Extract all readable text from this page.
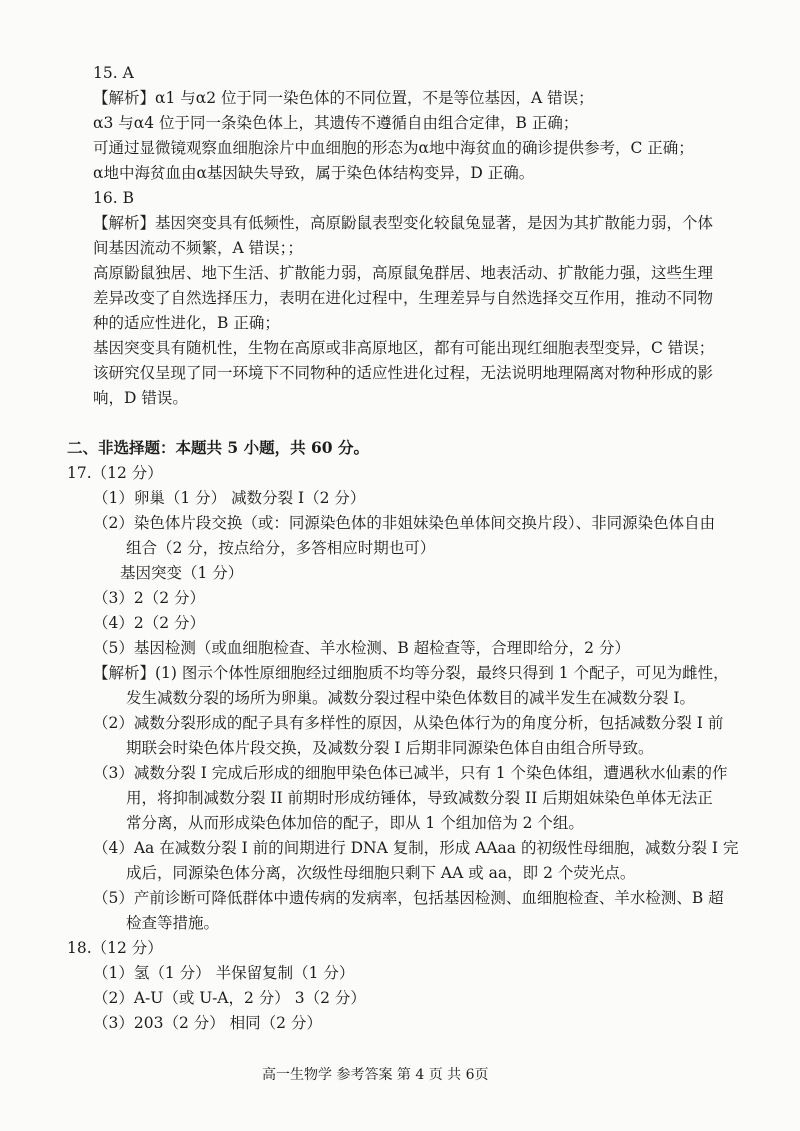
15. A

【解析】α1 与α2 位于同一染色体的不同位置，不是等位基因，A 错误；

α3 与α4 位于同一条染色体上，其遗传不遵循自由组合定律，B 正确；

可通过显微镜观察血细胞涂片中血细胞的形态为α地中海贫血的确诊提供参考，C 正确；

α地中海贫血由α基因缺失导致，属于染色体结构变异，D 正确。

16. B

【解析】基因突变具有低频性，高原鼢鼠表型变化较鼠兔显著，是因为其扩散能力弱，个体

间基因流动不频繁，A 错误；；

高原鼢鼠独居、地下生活、扩散能力弱，高原鼠兔群居、地表活动、扩散能力强，这些生理

差异改变了自然选择压力，表明在进化过程中，生理差异与自然选择交互作用，推动不同物

种的适应性进化，B 正确；

基因突变具有随机性，生物在高原或非高原地区，都有可能出现红细胞表型变异，C 错误；

该研究仅呈现了同一环境下不同物种的适应性进化过程，无法说明地理隔离对物种形成的影

响，D 错误。

二、非选择题：本题共 5 小题，共 60 分。

17.（12 分）

（1）卵巢（1 分） 减数分裂 I（2 分）

（2）染色体片段交换（或：同源染色体的非姐妹染色单体间交换片段）、非同源染色体自由

组合（2 分，按点给分，多答相应时期也可）

基因突变（1 分）

（3）2（2 分）

（4）2（2 分）

（5）基因检测（或血细胞检查、羊水检测、B 超检查等，合理即给分，2 分）

【解析】(1) 图示个体性原细胞经过细胞质不均等分裂，最终只得到 1 个配子，可见为雌性，

发生减数分裂的场所为卵巢。减数分裂过程中染色体数目的减半发生在减数分裂 I。

（2）减数分裂形成的配子具有多样性的原因，从染色体行为的角度分析，包括减数分裂 I 前

期联会时染色体片段交换，及减数分裂 I 后期非同源染色体自由组合所导致。

（3）减数分裂 I 完成后形成的细胞甲染色体已减半，只有 1 个染色体组，遭遇秋水仙素的作

用，将抑制减数分裂 II 前期时形成纺锤体，导致减数分裂 II 后期姐妹染色单体无法正

常分离，从而形成染色体加倍的配子，即从 1 个组加倍为 2 个组。

（4）Aa 在减数分裂 I 前的间期进行 DNA 复制，形成 AAaa 的初级性母细胞，减数分裂 I 完

成后，同源染色体分离，次级性母细胞只剩下 AA 或 aa，即 2 个荧光点。

（5）产前诊断可降低群体中遗传病的发病率，包括基因检测、血细胞检查、羊水检测、B 超

检查等措施。

18.（12 分）

（1）氢（1 分） 半保留复制（1 分）

（2）A-U（或 U-A，2 分） 3（2 分）

（3）203（2 分） 相同（2 分）

高一生物学 参考答案 第 4 页 共 6页
